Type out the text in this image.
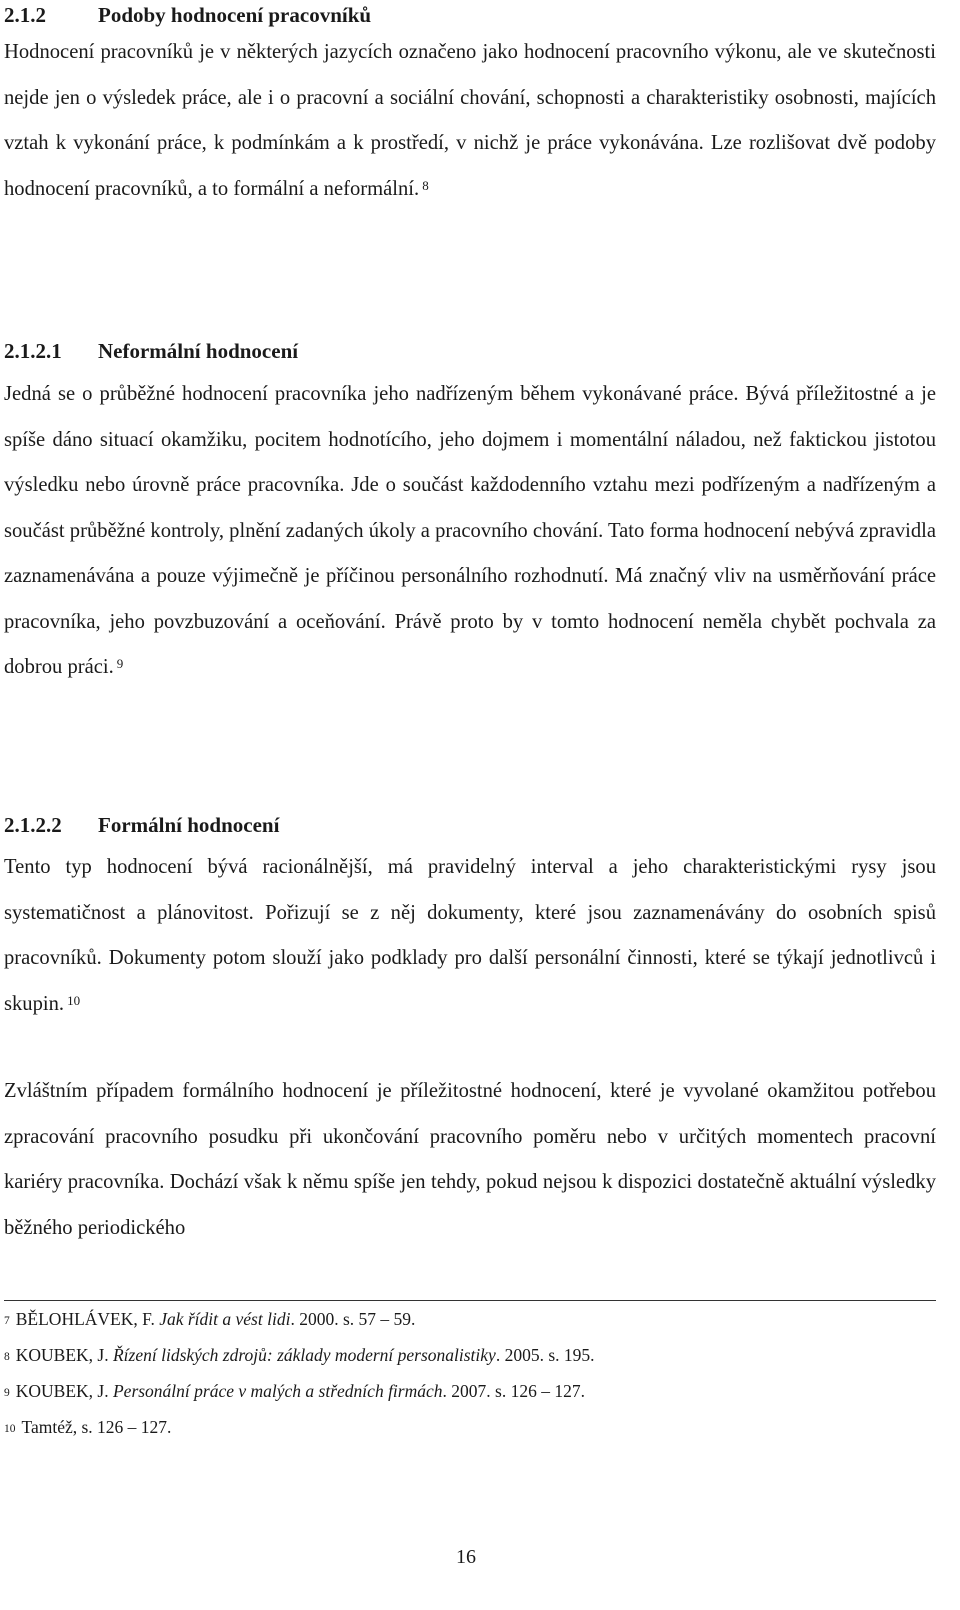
2.1.2 Podoby hodnocení pracovníků

Hodnocení pracovníků je v některých jazycích označeno jako hodnocení pracovního výkonu, ale ve skutečnosti nejde jen o výsledek práce, ale i o pracovní a sociální chování, schopnosti a charakteristiky osobnosti, majících vztah k vykonání práce, k podmínkám a k prostředí, v nichž je práce vykonávána. Lze rozlišovat dvě podoby hodnocení pracovníků, a to formální a neformální. $^8$

2.1.2.1 Neformální hodnocení

Jedná se o průběžné hodnocení pracovníka jeho nadřízeným během vykonávané práce. Bývá příležitostné a je spíše dáno situací okamžiku, pocitem hodnotícího, jeho dojmem i momentální náladou, než faktickou jistotou výsledku nebo úrovně práce pracovníka. Jde o součást každodenního vztahu mezi podřízeným a nadřízeným a součást průběžné kontroly, plnění zadaných úkoly a pracovního chování. Tato forma hodnocení nebývá zpravidla zaznamenávána a pouze výjimečně je příčinou personálního rozhodnutí. Má značný vliv na usměrňování práce pracovníka, jeho povzbuzování a oceňování. Právě proto by v tomto hodnocení neměla chybět pochvala za dobrou práci. $^9$

2.1.2.2 Formální hodnocení

Tento typ hodnocení bývá racionálnější, má pravidelný interval a jeho charakteristickými rysy jsou systematičnost a plánovitost. Pořizují se z něj dokumenty, které jsou zaznamenávány do osobních spisů pracovníků. Dokumenty potom slouží jako podklady pro další personální činnosti, které se týkají jednotlivců i skupin. $^{10}$

Zvláštním případem formálního hodnocení je příležitostné hodnocení, které je vyvolané okamžitou potřebou zpracování pracovního posudku při ukončování pracovního poměru nebo v určitých momentech pracovní kariéry pracovníka. Dochází však k němu spíše jen tehdy, pokud nejsou k dispozici dostatečně aktuální výsledky běžného periodického

$^7$ BĚLOHLÁVEK, F. Jak řídit a vést lidi. 2000. s. 57 – 59.
$^8$ KOUBEK, J. Řízení lidských zdrojů: základy moderní personalistiky. 2005. s. 195.
$^9$ KOUBEK, J. Personální práce v malých a středních firmách. 2007. s. 126 – 127.
$^{10}$ Tamtéž, s. 126 – 127.
16
